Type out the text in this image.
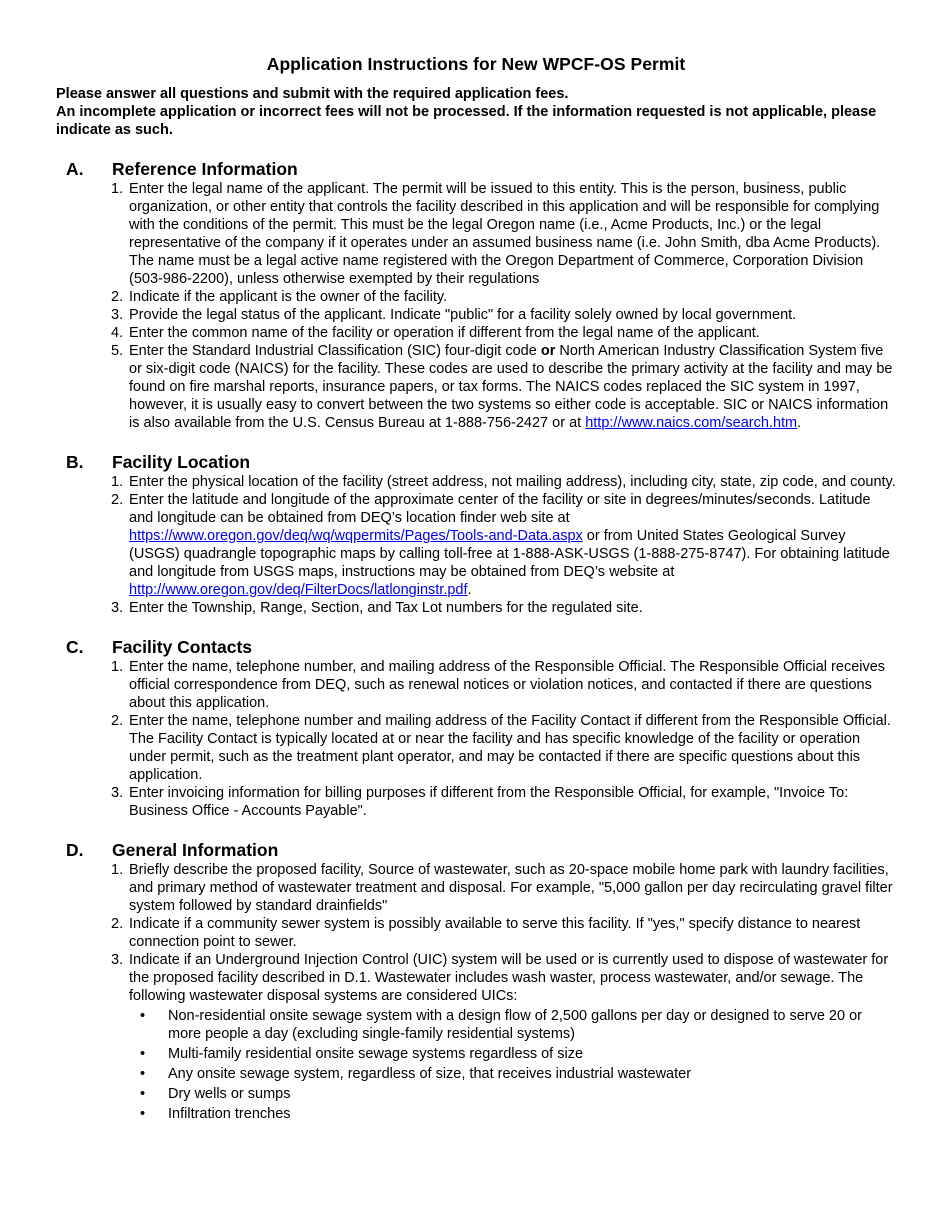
Application Instructions for New WPCF-OS Permit

Please answer all questions and submit with the required application fees.

An incomplete application or incorrect fees will not be processed. If the information requested is not applicable, please indicate as such.

A.	Reference Information
1. Enter the legal name of the applicant. The permit will be issued to this entity. This is the person, business, public organization, or other entity that controls the facility described in this application and will be responsible for complying with the conditions of the permit. This must be the legal Oregon name (i.e., Acme Products, Inc.) or the legal representative of the company if it operates under an assumed business name (i.e. John Smith, dba Acme Products). The name must be a legal active name registered with the Oregon Department of Commerce, Corporation Division (503-986-2200), unless otherwise exempted by their regulations
2. Indicate if the applicant is the owner of the facility.
3. Provide the legal status of the applicant. Indicate "public" for a facility solely owned by local government.
4. Enter the common name of the facility or operation if different from the legal name of the applicant.
5. Enter the Standard Industrial Classification (SIC) four-digit code or North American Industry Classification System five or six-digit code (NAICS) for the facility. These codes are used to describe the primary activity at the facility and may be found on fire marshal reports, insurance papers, or tax forms. The NAICS codes replaced the SIC system in 1997, however, it is usually easy to convert between the two systems so either code is acceptable. SIC or NAICS information is also available from the U.S. Census Bureau at 1-888-756-2427 or at http://www.naics.com/search.htm.
B.	Facility Location
1. Enter the physical location of the facility (street address, not mailing address), including city, state, zip code, and county.
2. Enter the latitude and longitude of the approximate center of the facility or site in degrees/minutes/seconds. Latitude and longitude can be obtained from DEQ’s location finder web site at https://www.oregon.gov/deq/wq/wqpermits/Pages/Tools-and-Data.aspx or from United States Geological Survey (USGS) quadrangle topographic maps by calling toll-free at 1-888-ASK-USGS (1-888-275-8747). For obtaining latitude and longitude from USGS maps, instructions may be obtained from DEQ’s website at http://www.oregon.gov/deq/FilterDocs/latlonginstr.pdf.
3. Enter the Township, Range, Section, and Tax Lot numbers for the regulated site.
C.	Facility Contacts
1. Enter the name, telephone number, and mailing address of the Responsible Official. The Responsible Official receives official correspondence from DEQ, such as renewal notices or violation notices, and contacted if there are questions about this application.
2. Enter the name, telephone number and mailing address of the Facility Contact if different from the Responsible Official. The Facility Contact is typically located at or near the facility and has specific knowledge of the facility or operation under permit, such as the treatment plant operator, and may be contacted if there are specific questions about this application.
3. Enter invoicing information for billing purposes if different from the Responsible Official, for example, "Invoice To: Business Office - Accounts Payable".
D.	General Information
1. Briefly describe the proposed facility, Source of wastewater, such as 20-space mobile home park with laundry facilities, and primary method of wastewater treatment and disposal. For example, "5,000 gallon per day recirculating gravel filter system followed by standard drainfields"
2. Indicate if a community sewer system is possibly available to serve this facility. If "yes," specify distance to nearest connection point to sewer.
3. Indicate if an Underground Injection Control (UIC) system will be used or is currently used to dispose of wastewater for the proposed facility described in D.1. Wastewater includes wash waster, process wastewater, and/or sewage. The following wastewater disposal systems are considered UICs:
•	Non-residential onsite sewage system with a design flow of 2,500 gallons per day or designed to serve 20 or more people a day (excluding single-family residential systems)
•	Multi-family residential onsite sewage systems regardless of size
•	Any onsite sewage system, regardless of size, that receives industrial wastewater
•	Dry wells or sumps
•	Infiltration trenches
